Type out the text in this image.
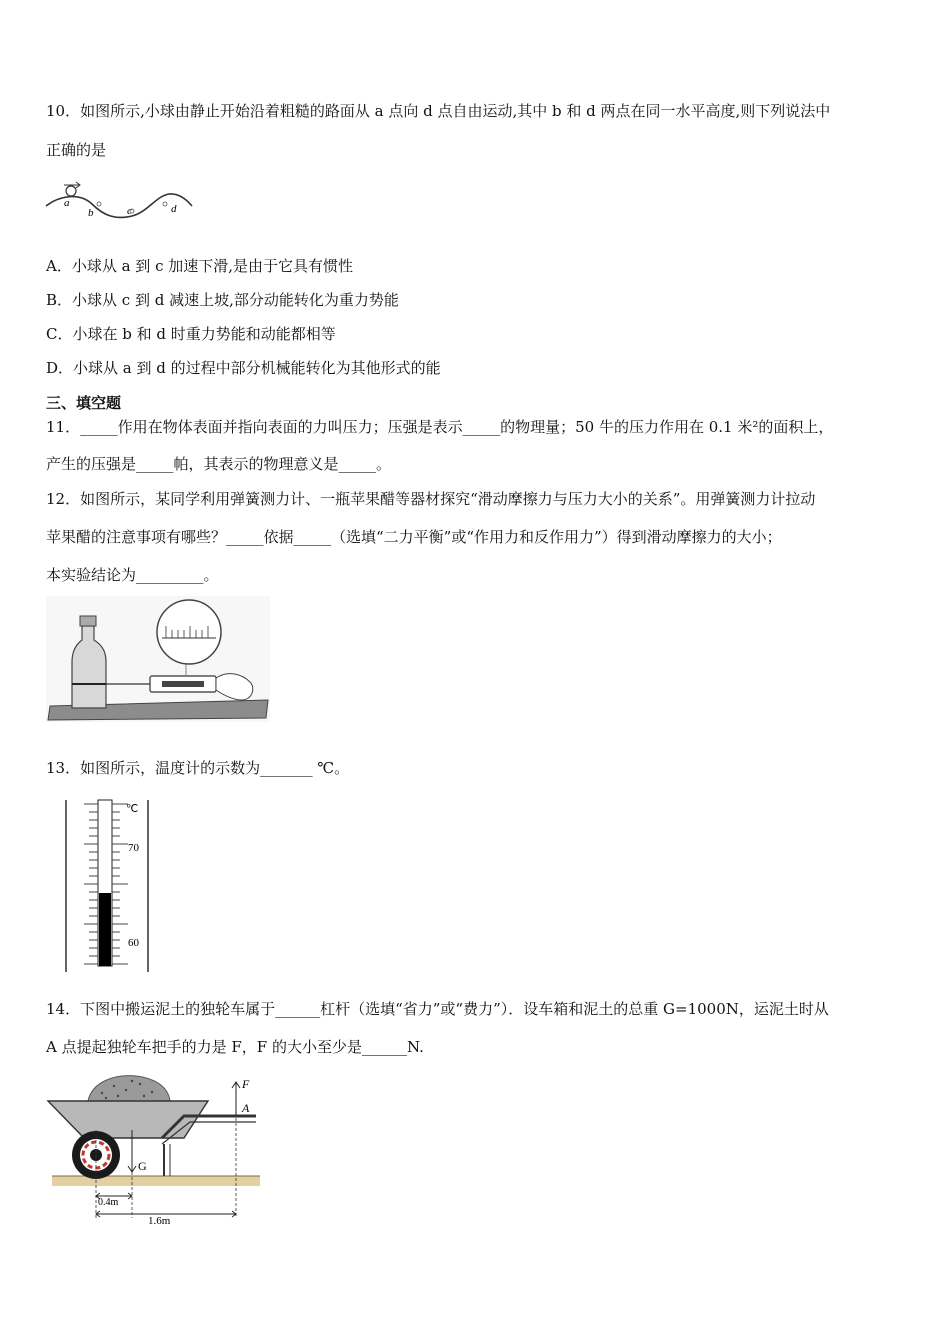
10．如图所示,小球由静止开始沿着粗糙的路面从 a 点向 d 点自由运动,其中 b 和 d 两点在同一水平高度,则下列说法中
正确的是
a
b	c	d
A．小球从 a 到 c 加速下滑,是由于它具有惯性
B．小球从 c 到 d 减速上坡,部分动能转化为重力势能
C．小球在 b 和 d 时重力势能和动能都相等
D．小球从 a 到 d 的过程中部分机械能转化为其他形式的能
三、填空题
11．_____作用在物体表面并指向表面的力叫压力；压强是表示_____的物理量；50 牛的压力作用在 0.1 米²的面积上，
产生的压强是_____帕，其表示的物理意义是_____。
12．如图所示，某同学利用弹簧测力计、一瓶苹果醋等器材探究“滑动摩擦力与压力大小的关系”。用弹簧测力计拉动
苹果醋的注意事项有哪些？_____依据_____（选填“二力平衡”或“作用力和反作用力”）得到滑动摩擦力的大小；
本实验结论为_________。
13．如图所示，温度计的示数为_______ ℃。
℃
70
60
14．下图中搬运泥土的独轮车属于______杠杆（选填“省力”或“费力”）．设车箱和泥土的总重 G=1000N，运泥土时从
A 点提起独轮车把手的力是 F，F 的大小至少是______N.
G
F
A
0.4m
1.6m
